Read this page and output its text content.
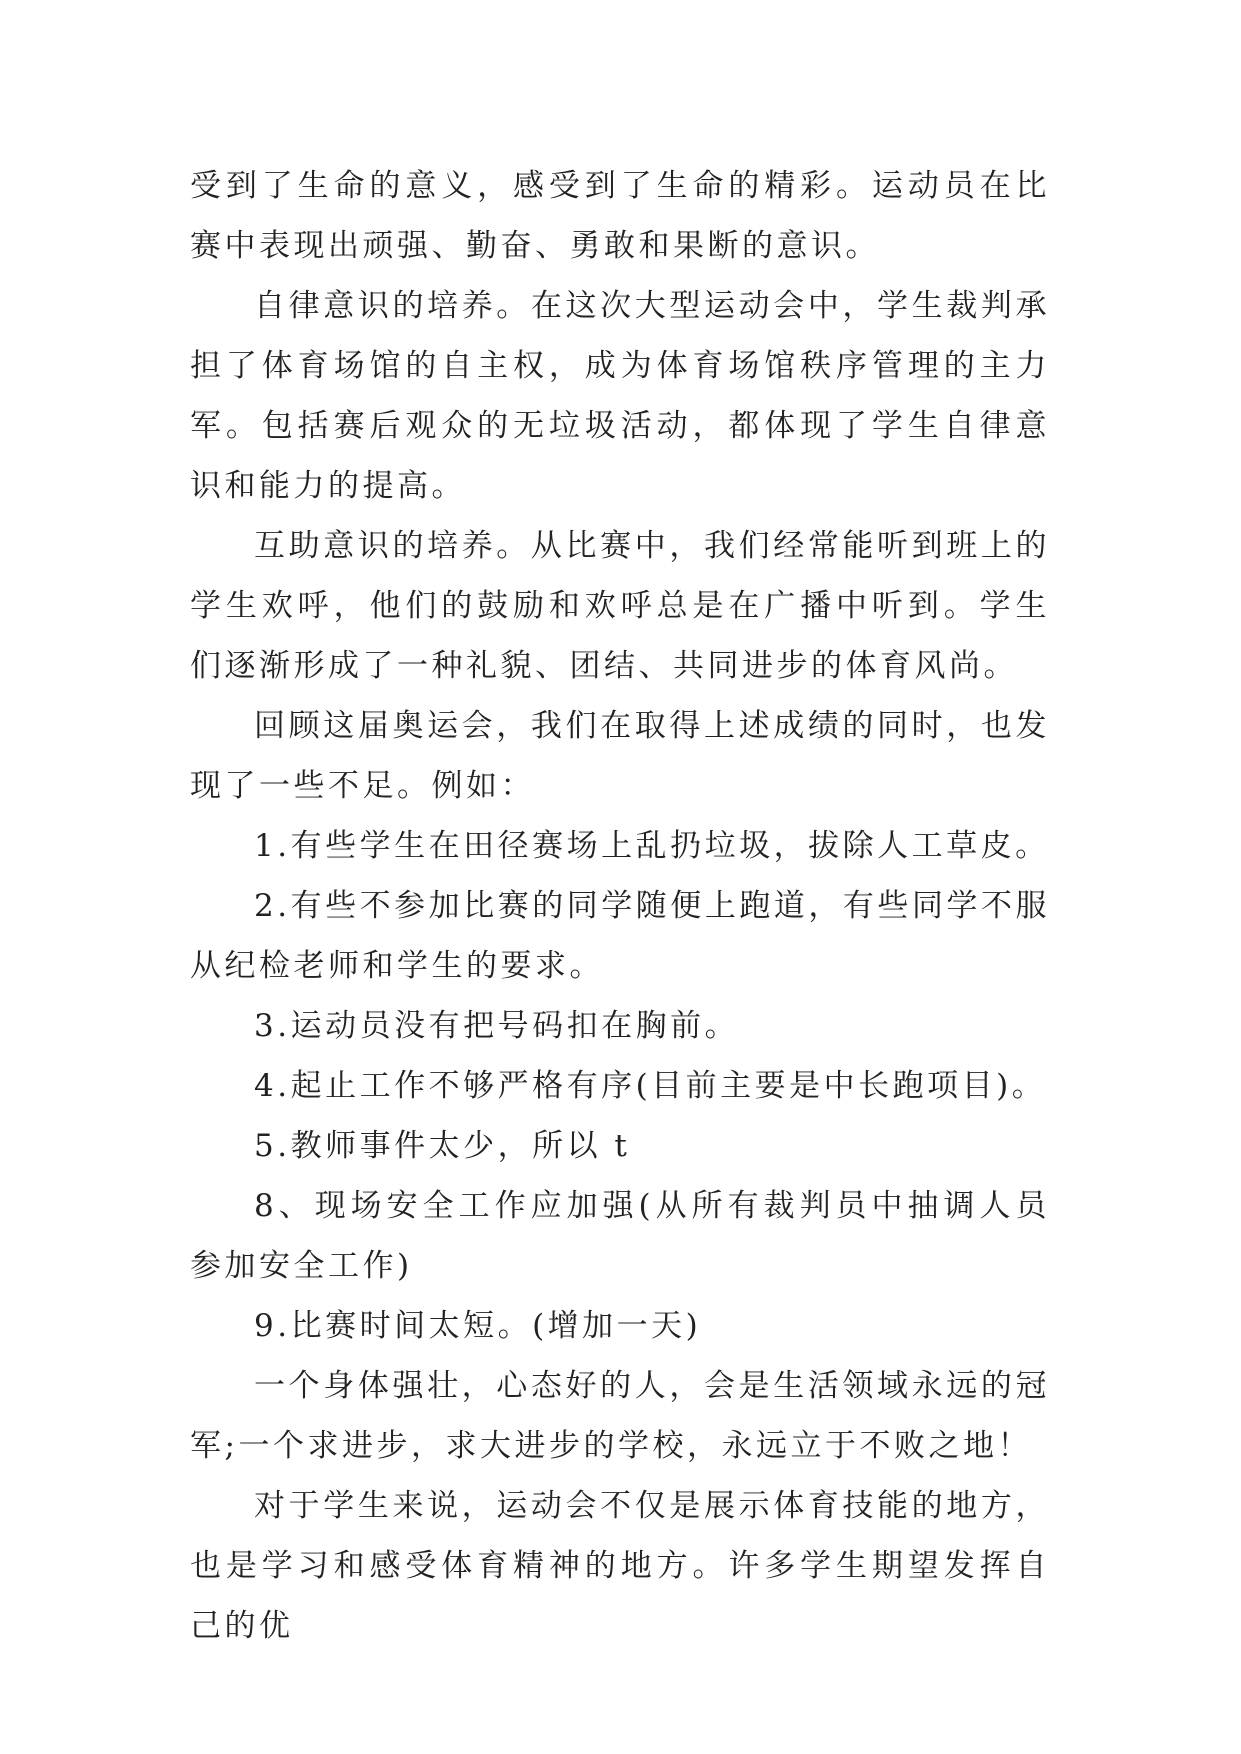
受到了生命的意义，感受到了生命的精彩。运动员在比赛中表现出顽强、勤奋、勇敢和果断的意识。

自律意识的培养。在这次大型运动会中，学生裁判承担了体育场馆的自主权，成为体育场馆秩序管理的主力军。包括赛后观众的无垃圾活动，都体现了学生自律意识和能力的提高。

互助意识的培养。从比赛中，我们经常能听到班上的学生欢呼，他们的鼓励和欢呼总是在广播中听到。学生们逐渐形成了一种礼貌、团结、共同进步的体育风尚。

回顾这届奥运会，我们在取得上述成绩的同时，也发现了一些不足。例如：

1.有些学生在田径赛场上乱扔垃圾，拔除人工草皮。

2.有些不参加比赛的同学随便上跑道，有些同学不服从纪检老师和学生的要求。

3.运动员没有把号码扣在胸前。

4.起止工作不够严格有序(目前主要是中长跑项目)。

5.教师事件太少，所以 t

8、现场安全工作应加强(从所有裁判员中抽调人员参加安全工作)

9.比赛时间太短。(增加一天)

一个身体强壮，心态好的人，会是生活领域永远的冠军;一个求进步，求大进步的学校，永远立于不败之地！

对于学生来说，运动会不仅是展示体育技能的地方，也是学习和感受体育精神的地方。许多学生期望发挥自己的优
